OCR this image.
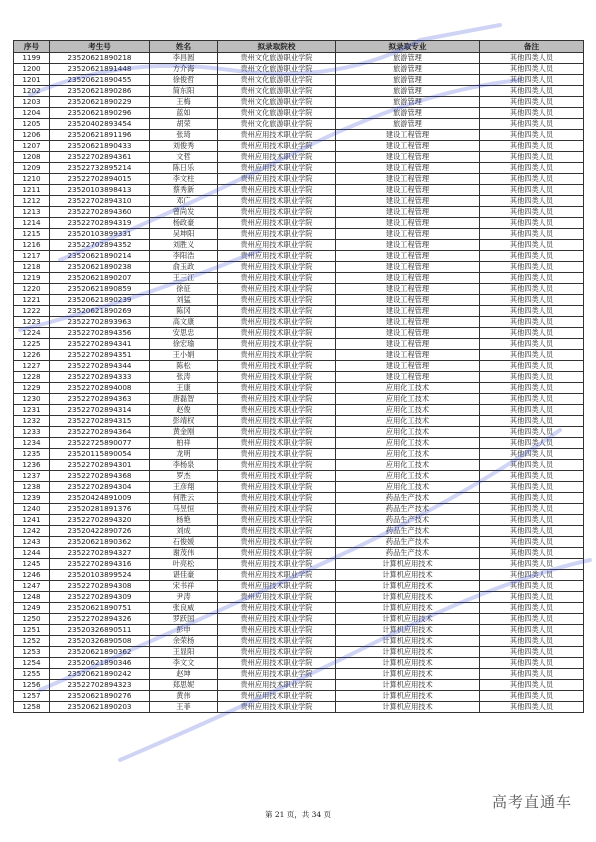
序号	考生号	姓名	拟录取院校	拟录取专业	备注
1199	23520621890218	李昌圆	贵州文化旅游职业学院	旅游管理	其他四类人员
1200	23520621891448	方介海	贵州文化旅游职业学院	旅游管理	其他四类人员
1201	23520621890455	徐俊哲	贵州文化旅游职业学院	旅游管理	其他四类人员
1202	23520621890286	简东阳	贵州文化旅游职业学院	旅游管理	其他四类人员
1203	23520621890229	王梅	贵州文化旅游职业学院	旅游管理	其他四类人员
1204	23520621890296	蓝如	贵州文化旅游职业学院	旅游管理	其他四类人员
1205	23520402893454	胡荣	贵州文化旅游职业学院	旅游管理	其他四类人员
1206	23520621891196	张琦	贵州应用技术职业学院	建设工程管理	其他四类人员
1207	23520621890433	刘俊秀	贵州应用技术职业学院	建设工程管理	其他四类人员
1208	23522702894361	文哲	贵州应用技术职业学院	建设工程管理	其他四类人员
1209	23522732895214	陈日乐	贵州应用技术职业学院	建设工程管理	其他四类人员
1210	23522702894015	李文柱	贵州应用技术职业学院	建设工程管理	其他四类人员
1211	23520103898413	蔡秀新	贵州应用技术职业学院	建设工程管理	其他四类人员
1212	23522702894310	邓广	贵州应用技术职业学院	建设工程管理	其他四类人员
1213	23522702894360	曾尚发	贵州应用技术职业学院	建设工程管理	其他四类人员
1214	23522702894319	杨政豪	贵州应用技术职业学院	建设工程管理	其他四类人员
1215	23520103899331	吴坤阳	贵州应用技术职业学院	建设工程管理	其他四类人员
1216	23522702894352	刘胜义	贵州应用技术职业学院	建设工程管理	其他四类人员
1217	23520621890214	李阳浩	贵州应用技术职业学院	建设工程管理	其他四类人员
1218	23520621890238	俞玉政	贵州应用技术职业学院	建设工程管理	其他四类人员
1219	23520621890207	王三江	贵州应用技术职业学院	建设工程管理	其他四类人员
1220	23520621890859	徐征	贵州应用技术职业学院	建设工程管理	其他四类人员
1221	23520621890239	刘猛	贵州应用技术职业学院	建设工程管理	其他四类人员
1222	23520621890269	陈冈	贵州应用技术职业学院	建设工程管理	其他四类人员
1223	23522702893963	高文康	贵州应用技术职业学院	建设工程管理	其他四类人员
1224	23522702894356	安思忠	贵州应用技术职业学院	建设工程管理	其他四类人员
1225	23522702894341	徐宏瑜	贵州应用技术职业学院	建设工程管理	其他四类人员
1226	23522702894351	王小娟	贵州应用技术职业学院	建设工程管理	其他四类人员
1227	23522702894344	陈松	贵州应用技术职业学院	建设工程管理	其他四类人员
1228	23522702894333	张涛	贵州应用技术职业学院	建设工程管理	其他四类人员
1229	23522702894008	王康	贵州应用技术职业学院	应用化工技术	其他四类人员
1230	23522702894363	唐磊智	贵州应用技术职业学院	应用化工技术	其他四类人员
1231	23522702894314	赵俊	贵州应用技术职业学院	应用化工技术	其他四类人员
1232	23522702894315	彭靖权	贵州应用技术职业学院	应用化工技术	其他四类人员
1233	23522702894364	黄金刚	贵州应用技术职业学院	应用化工技术	其他四类人员
1234	23522725890077	柏祥	贵州应用技术职业学院	应用化工技术	其他四类人员
1235	23520115890054	龙明	贵州应用技术职业学院	应用化工技术	其他四类人员
1236	23522702894301	李杨泉	贵州应用技术职业学院	应用化工技术	其他四类人员
1237	23522702894368	罗杰	贵州应用技术职业学院	应用化工技术	其他四类人员
1238	23522702894304	王彦翔	贵州应用技术职业学院	应用化工技术	其他四类人员
1239	23520424891009	何胜云	贵州应用技术职业学院	药品生产技术	其他四类人员
1240	23520281891376	马昱恒	贵州应用技术职业学院	药品生产技术	其他四类人员
1241	23522702894320	杨艳	贵州应用技术职业学院	药品生产技术	其他四类人员
1242	23520422890726	刘成	贵州应用技术职业学院	药品生产技术	其他四类人员
1243	23520621890362	石俊媛	贵州应用技术职业学院	药品生产技术	其他四类人员
1244	23522702894327	谢茂伟	贵州应用技术职业学院	药品生产技术	其他四类人员
1245	23522702894316	叶亮松	贵州应用技术职业学院	计算机应用技术	其他四类人员
1246	23520103899524	谌佳豪	贵州应用技术职业学院	计算机应用技术	其他四类人员
1247	23522702894308	宋书祥	贵州应用技术职业学院	计算机应用技术	其他四类人员
1248	23522702894309	尹涛	贵州应用技术职业学院	计算机应用技术	其他四类人员
1249	23520621890751	张良威	贵州应用技术职业学院	计算机应用技术	其他四类人员
1250	23522702894326	罗跃国	贵州应用技术职业学院	计算机应用技术	其他四类人员
1251	23520326890511	彭申	贵州应用技术职业学院	计算机应用技术	其他四类人员
1252	23520326890508	余荣杨	贵州应用技术职业学院	计算机应用技术	其他四类人员
1253	23520621890362	王显阳	贵州应用技术职业学院	计算机应用技术	其他四类人员
1254	23520621890346	李文文	贵州应用技术职业学院	计算机应用技术	其他四类人员
1255	23520621890242	赵坤	贵州应用技术职业学院	计算机应用技术	其他四类人员
1256	23522702894323	郑思妮	贵州应用技术职业学院	计算机应用技术	其他四类人员
1257	23520621890276	黄伟	贵州应用技术职业学院	计算机应用技术	其他四类人员
1258	23520621890203	王菲	贵州应用技术职业学院	计算机应用技术	其他四类人员
第 21 页，共 34 页
高考直通车
